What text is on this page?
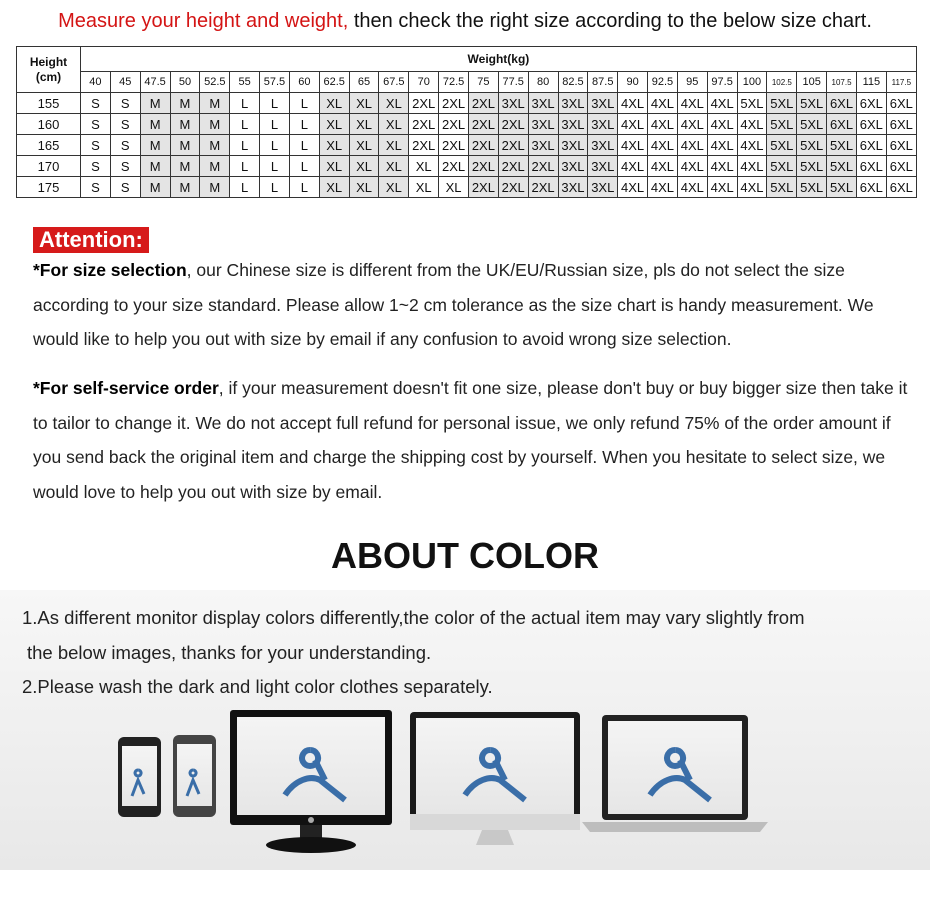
Measure your height and weight, then check the right size according to the below size chart.
Height
(cm)	Weight(kg)																											
	40	45	47.5	50	52.5	55	57.5	60	62.5	65	67.5	70	72.5	75	77.5	80	82.5	87.5	90	92.5	95	97.5	100	102.5	105	107.5	115	117.5
155	S	S	M	M	M	L	L	L	XL	XL	XL	2XL	2XL	2XL	3XL	3XL	3XL	3XL	4XL	4XL	4XL	4XL	5XL	5XL	5XL	6XL	6XL	6XL
160	S	S	M	M	M	L	L	L	XL	XL	XL	2XL	2XL	2XL	2XL	3XL	3XL	3XL	4XL	4XL	4XL	4XL	4XL	5XL	5XL	6XL	6XL	6XL
165	S	S	M	M	M	L	L	L	XL	XL	XL	2XL	2XL	2XL	2XL	3XL	3XL	3XL	4XL	4XL	4XL	4XL	4XL	5XL	5XL	5XL	6XL	6XL
170	S	S	M	M	M	L	L	L	XL	XL	XL	XL	2XL	2XL	2XL	2XL	3XL	3XL	4XL	4XL	4XL	4XL	4XL	5XL	5XL	5XL	6XL	6XL
175	S	S	M	M	M	L	L	L	XL	XL	XL	XL	XL	2XL	2XL	2XL	3XL	3XL	4XL	4XL	4XL	4XL	4XL	5XL	5XL	5XL	6XL	6XL
Attention:
*For size selection, our Chinese size is different from the UK/EU/Russian size, pls do not select the size according to your size standard. Please allow 1~2 cm tolerance as the size chart is handy measurement. We would like to help you out with size by email if any confusion to avoid wrong size selection.
*For self-service order, if your measurement doesn't fit one size, please don't buy or buy bigger size then take it to tailor to change it. We do not accept full refund for personal issue, we only refund 75% of the order amount if you send back the original item and charge the shipping cost by yourself. When you hesitate to select size, we would love to help you out with size by email.
ABOUT COLOR
1.As different monitor display colors differently,the color of the actual item may vary slightly from
the below images, thanks for your understanding.
2.Please wash the dark and light color clothes separately.
